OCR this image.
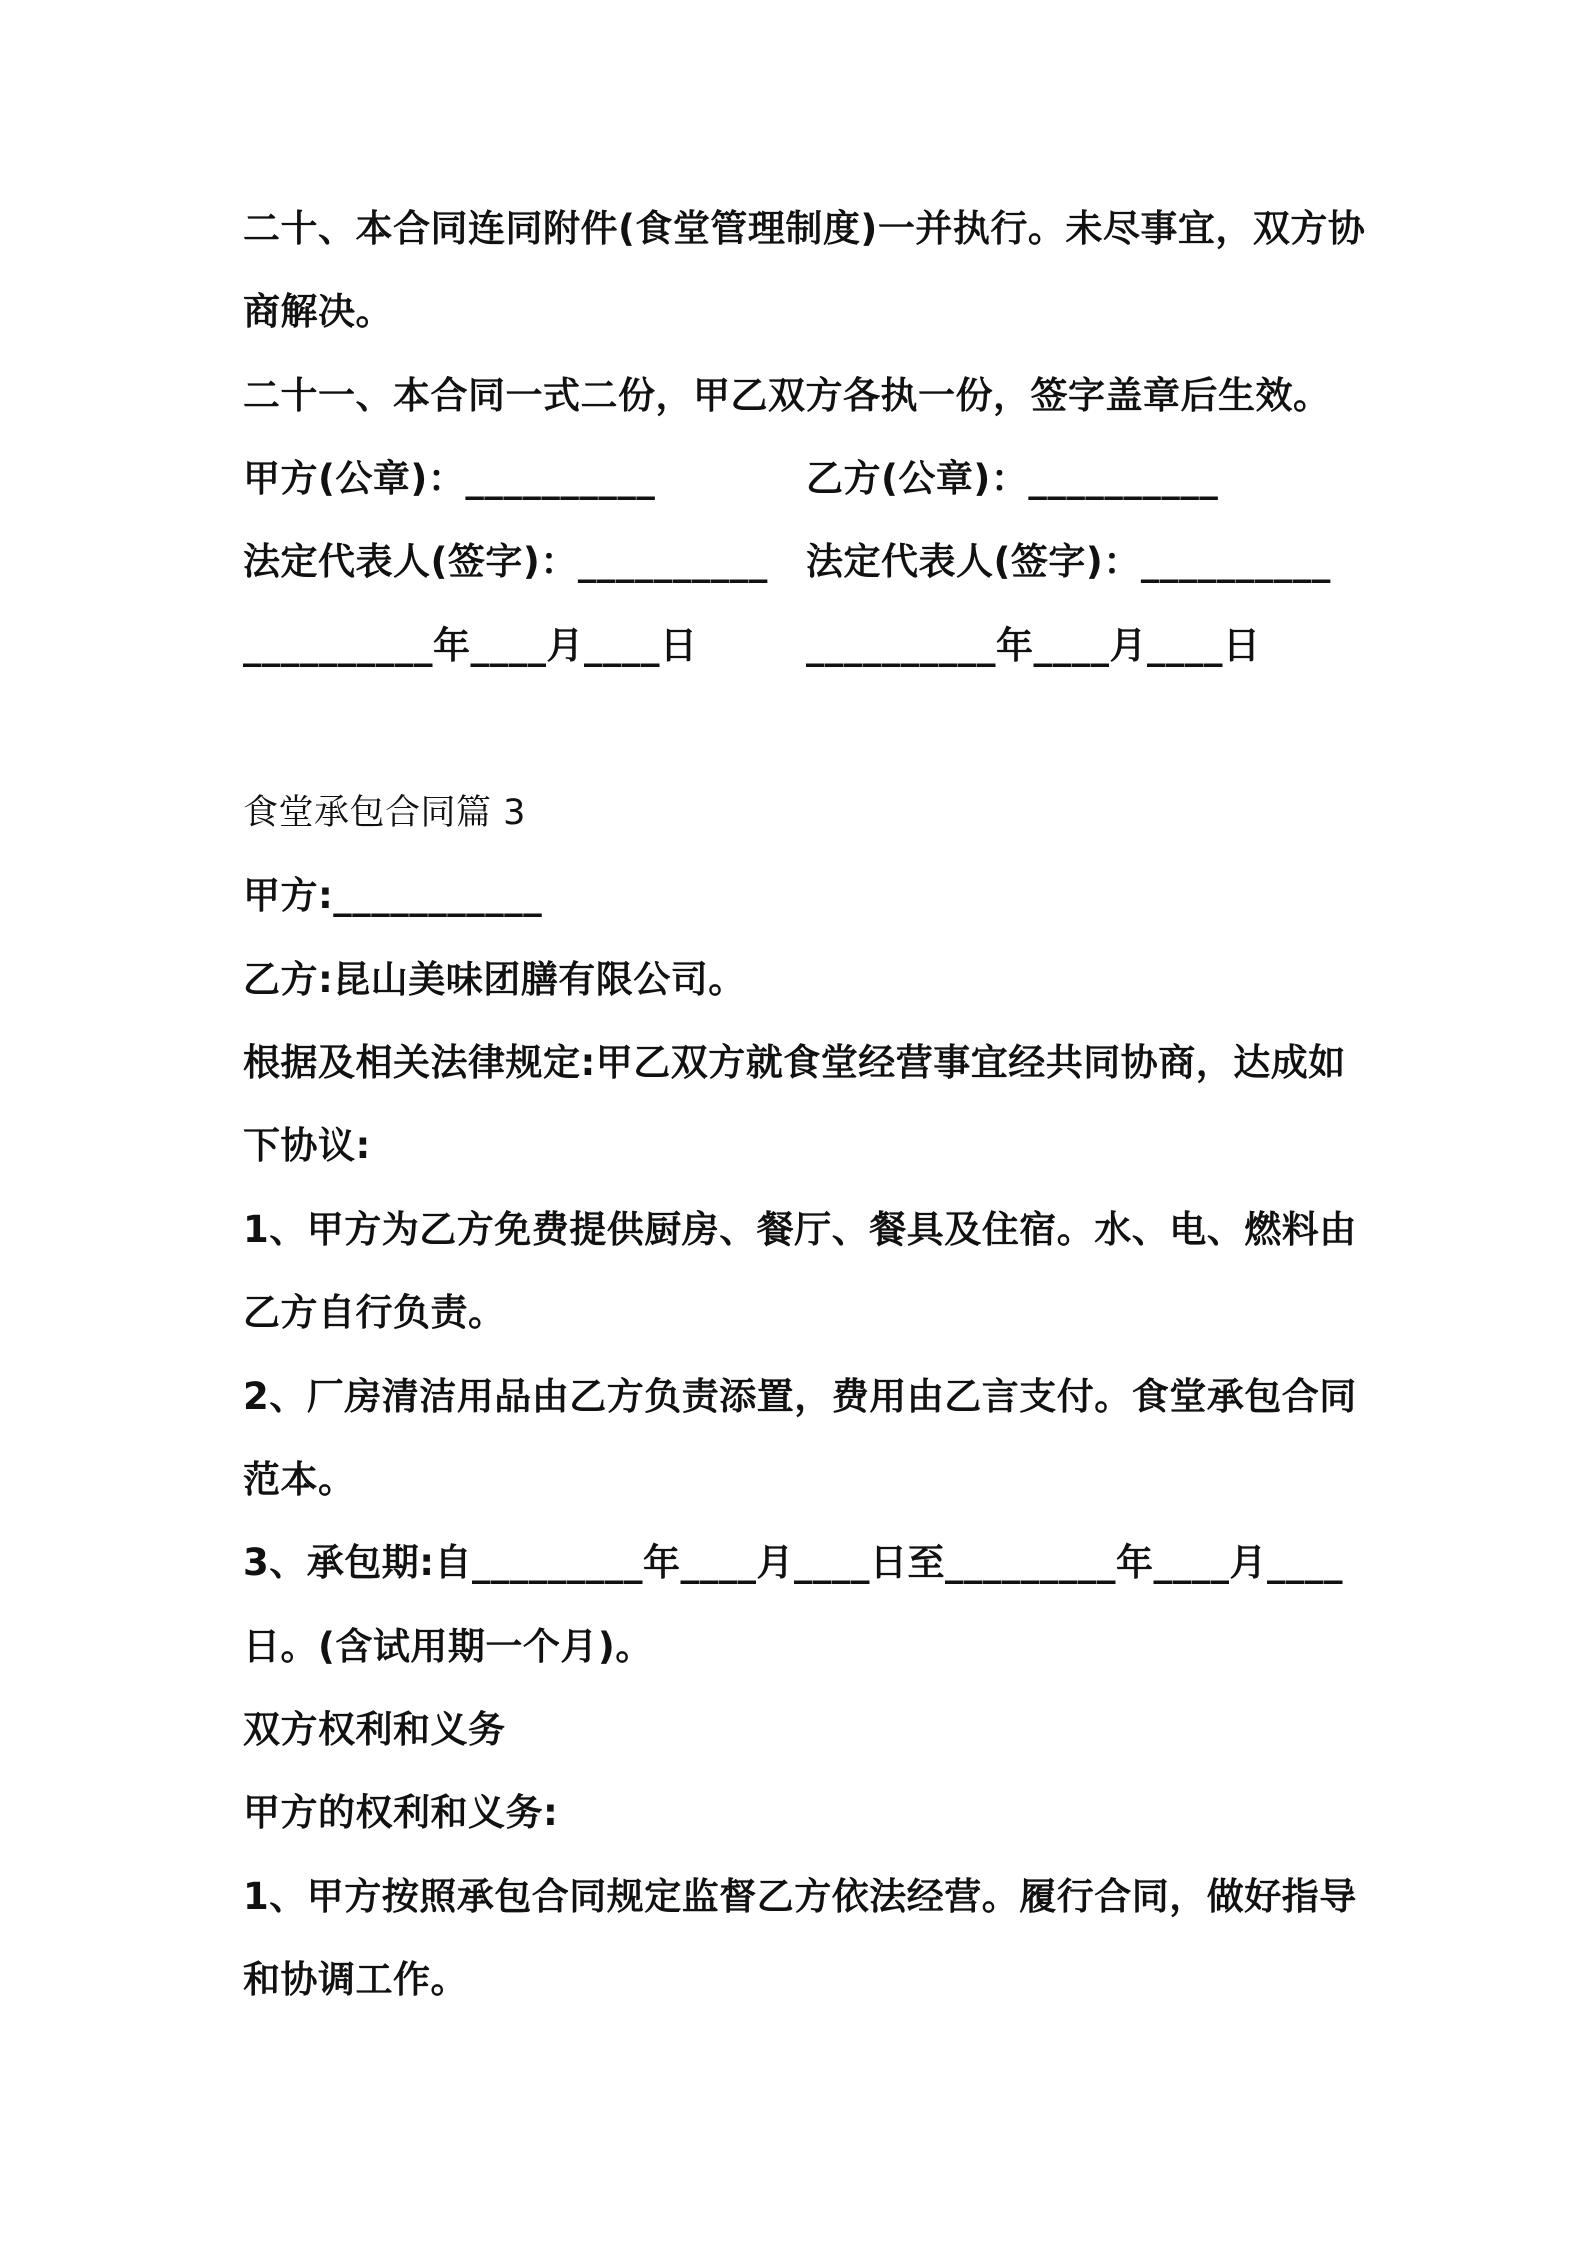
二十、本合同连同附件(食堂管理制度)一并执行。未尽事宜，双方协
商解决。
二十一、本合同一式二份，甲乙双方各执一份，签字盖章后生效。
甲方(公章)：__________	乙方(公章)：__________
法定代表人(签字)：__________ 法定代表人(签字)：__________
__________年____月____日	__________年____月____日
食堂承包合同篇 3
甲方:___________
乙方:昆山美味团膳有限公司。
根据及相关法律规定:甲乙双方就食堂经营事宜经共同协商，达成如
下协议:
1、甲方为乙方免费提供厨房、餐厅、餐具及住宿。水、电、燃料由
乙方自行负责。
2、厂房清洁用品由乙方负责添置，费用由乙言支付。食堂承包合同
范本。
3、承包期:自_________年____月____日至_________年____月____
日。(含试用期一个月)。
双方权利和义务
甲方的权利和义务:
1、甲方按照承包合同规定监督乙方依法经营。履行合同，做好指导
和协调工作。
